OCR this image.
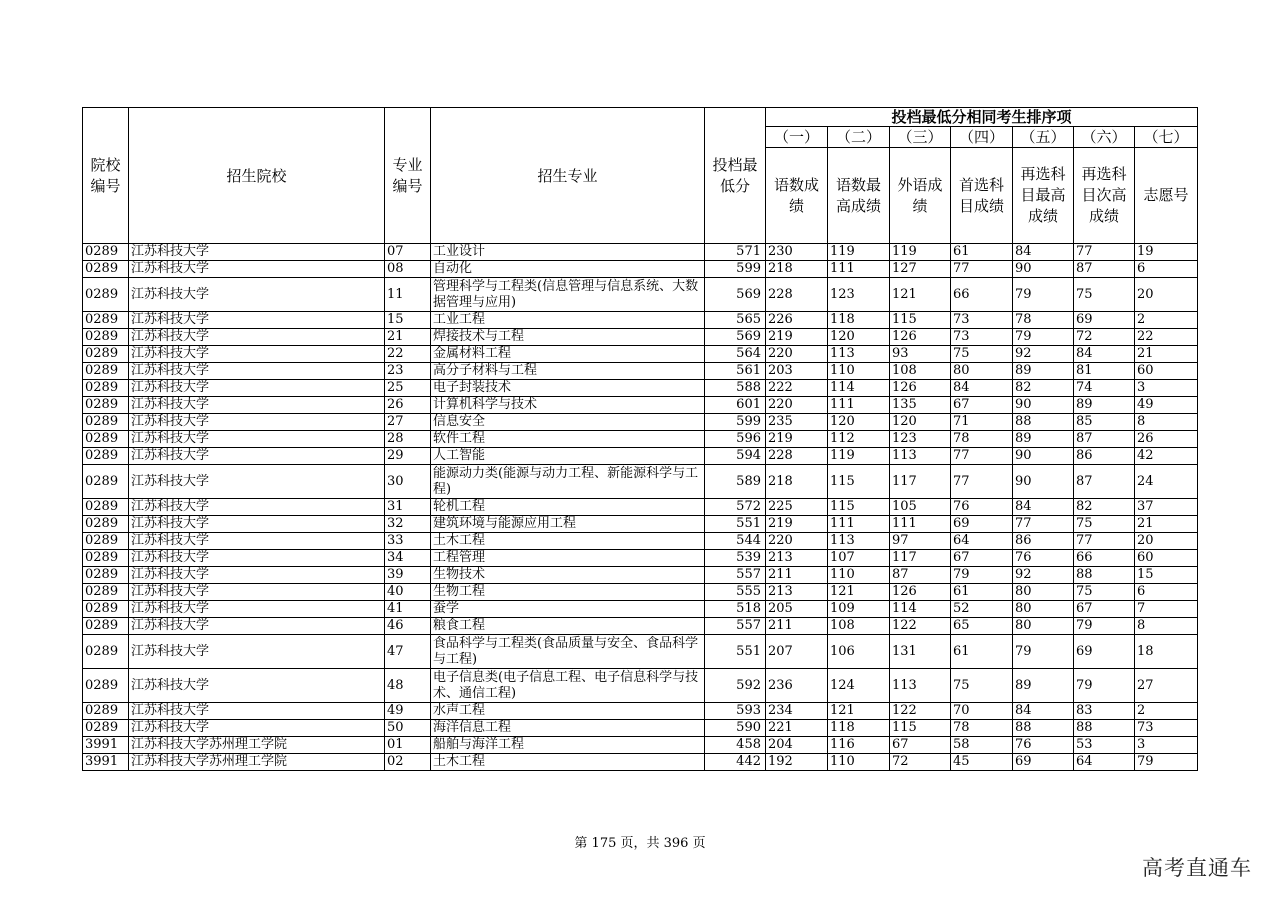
院校编号	招生院校	专业编号	招生专业	投档最低分	投档最低分相同考生排序项						
					（一）	（二）	（三）	（四）	（五）	（六）	（七）
					语数成绩	语数最高成绩	外语成绩	首选科目成绩	再选科目最高成绩	再选科目次高成绩	志愿号
0289	江苏科技大学	07	工业设计	571	230	119	119	61	84	77	19
0289	江苏科技大学	08	自动化	599	218	111	127	77	90	87	6
0289	江苏科技大学	11	管理科学与工程类(信息管理与信息系统、大数据管理与应用)	569	228	123	121	66	79	75	20
0289	江苏科技大学	15	工业工程	565	226	118	115	73	78	69	2
0289	江苏科技大学	21	焊接技术与工程	569	219	120	126	73	79	72	22
0289	江苏科技大学	22	金属材料工程	564	220	113	93	75	92	84	21
0289	江苏科技大学	23	高分子材料与工程	561	203	110	108	80	89	81	60
0289	江苏科技大学	25	电子封装技术	588	222	114	126	84	82	74	3
0289	江苏科技大学	26	计算机科学与技术	601	220	111	135	67	90	89	49
0289	江苏科技大学	27	信息安全	599	235	120	120	71	88	85	8
0289	江苏科技大学	28	软件工程	596	219	112	123	78	89	87	26
0289	江苏科技大学	29	人工智能	594	228	119	113	77	90	86	42
0289	江苏科技大学	30	能源动力类(能源与动力工程、新能源科学与工程)	589	218	115	117	77	90	87	24
0289	江苏科技大学	31	轮机工程	572	225	115	105	76	84	82	37
0289	江苏科技大学	32	建筑环境与能源应用工程	551	219	111	111	69	77	75	21
0289	江苏科技大学	33	土木工程	544	220	113	97	64	86	77	20
0289	江苏科技大学	34	工程管理	539	213	107	117	67	76	66	60
0289	江苏科技大学	39	生物技术	557	211	110	87	79	92	88	15
0289	江苏科技大学	40	生物工程	555	213	121	126	61	80	75	6
0289	江苏科技大学	41	蚕学	518	205	109	114	52	80	67	7
0289	江苏科技大学	46	粮食工程	557	211	108	122	65	80	79	8
0289	江苏科技大学	47	食品科学与工程类(食品质量与安全、食品科学与工程)	551	207	106	131	61	79	69	18
0289	江苏科技大学	48	电子信息类(电子信息工程、电子信息科学与技术、通信工程)	592	236	124	113	75	89	79	27
0289	江苏科技大学	49	水声工程	593	234	121	122	70	84	83	2
0289	江苏科技大学	50	海洋信息工程	590	221	118	115	78	88	88	73
3991	江苏科技大学苏州理工学院	01	船舶与海洋工程	458	204	116	67	58	76	53	3
3991	江苏科技大学苏州理工学院	02	土木工程	442	192	110	72	45	69	64	79
第 175 页，共 396 页
高考直通车
